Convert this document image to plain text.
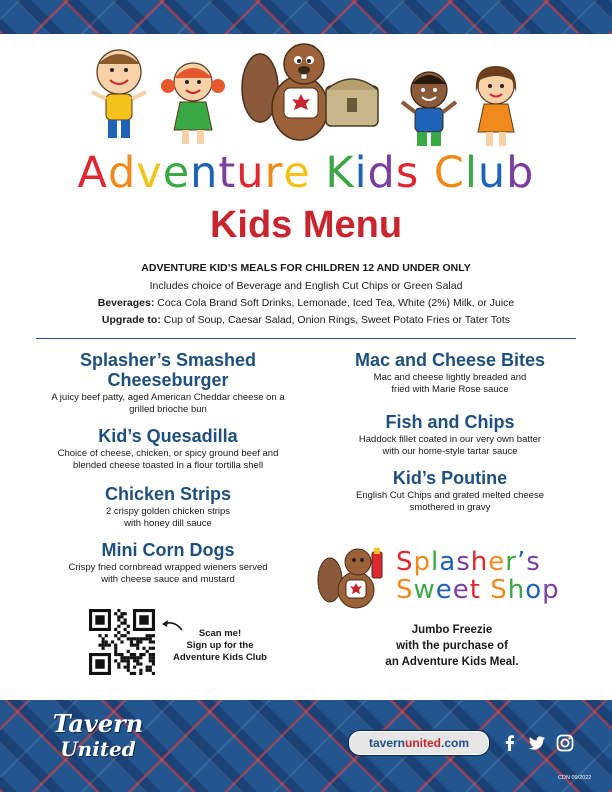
Adventure Kids Club
Kids Menu
ADVENTURE KID’S MEALS FOR CHILDREN 12 AND UNDER ONLY
Includes choice of Beverage and English Cut Chips or Green Salad
Beverages: Coca Cola Brand Soft Drinks, Lemonade, Iced Tea, White (2%) Milk, or Juice
Upgrade to: Cup of Soup, Caesar Salad, Onion Rings, Sweet Potato Fries or Tater Tots
Splasher’s Smashed Cheeseburger

A juicy beef patty, aged American Cheddar cheese on a grilled brioche bun

Kid’s Quesadilla

Choice of cheese, chicken, or spicy ground beef and blended cheese toasted in a flour tortilla shell

Chicken Strips

2 crispy golden chicken strips with honey dill sauce

Mini Corn Dogs

Crispy fried cornbread wrapped wieners served with cheese sauce and mustard

Mac and Cheese Bites

Mac and cheese lightly breaded and fried with Marie Rose sauce

Fish and Chips

Haddock fillet coated in our very own batter with our home-style tartar sauce

Kid’s Poutine

English Cut Chips and grated melted cheese smothered in gravy

Splasher’s
Sweet Shop
Jumbo Freezie
with the purchase of
an Adventure Kids Meal.
Scan me!
Sign up for the
Adventure Kids Club
Tavern
United	tavernunited.com
CDN 09/2022
